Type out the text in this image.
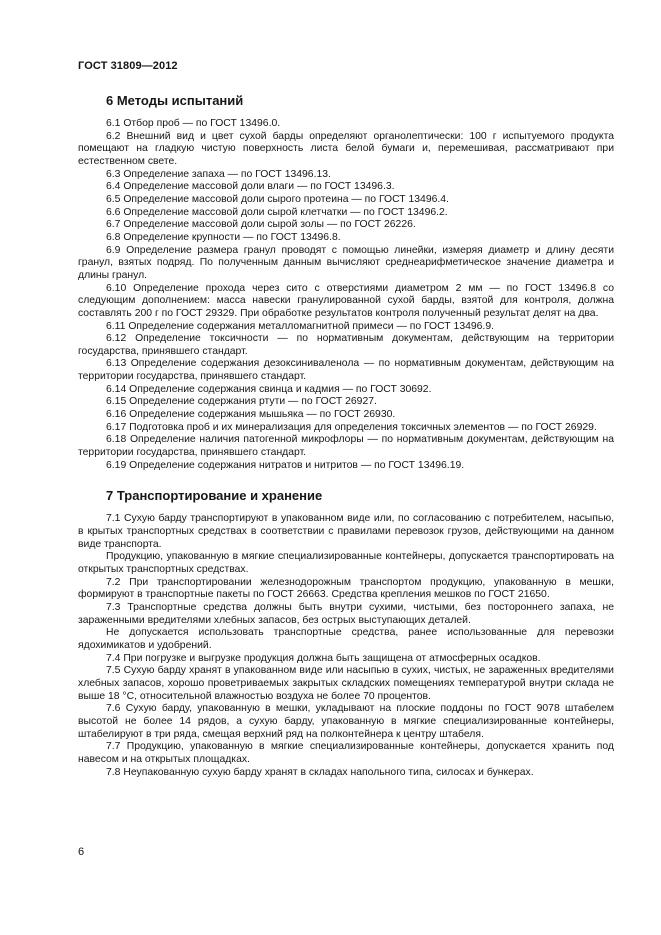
ГОСТ 31809—2012
6 Методы испытаний

6.1 Отбор проб — по ГОСТ 13496.0.

6.2 Внешний вид и цвет сухой барды определяют органолептически: 100 г испытуемого продукта помещают на гладкую чистую поверхность листа белой бумаги и, перемешивая, рассматривают при естественном свете.

6.3 Определение запаха — по ГОСТ 13496.13.

6.4 Определение массовой доли влаги — по ГОСТ 13496.3.

6.5 Определение массовой доли сырого протеина — по ГОСТ 13496.4.

6.6 Определение массовой доли сырой клетчатки — по ГОСТ 13496.2.

6.7 Определение массовой доли сырой золы — по ГОСТ 26226.

6.8 Определение крупности — по ГОСТ 13496.8.

6.9 Определение размера гранул проводят с помощью линейки, измеряя диаметр и длину десяти гранул, взятых подряд. По полученным данным вычисляют среднеарифметическое значение диаметра и длины гранул.

6.10 Определение прохода через сито с отверстиями диаметром 2 мм — по ГОСТ 13496.8 со следующим дополнением: масса навески гранулированной сухой барды, взятой для контроля, должна составлять 200 г по ГОСТ 29329. При обработке результатов контроля полученный результат делят на два.

6.11 Определение содержания металломагнитной примеси — по ГОСТ 13496.9.

6.12 Определение токсичности — по нормативным документам, действующим на территории государства, принявшего стандарт.

6.13 Определение содержания дезоксиниваленола — по нормативным документам, действующим на территории государства, принявшего стандарт.

6.14 Определение содержания свинца и кадмия — по ГОСТ 30692.

6.15 Определение содержания ртути — по ГОСТ 26927.

6.16 Определение содержания мышьяка — по ГОСТ 26930.

6.17 Подготовка проб и их минерализация для определения токсичных элементов — по ГОСТ 26929.

6.18 Определение наличия патогенной микрофлоры — по нормативным документам, действующим на территории государства, принявшего стандарт.

6.19 Определение содержания нитратов и нитритов — по ГОСТ 13496.19.

7 Транспортирование и хранение

7.1 Сухую барду транспортируют в упакованном виде или, по согласованию с потребителем, насыпью, в крытых транспортных средствах в соответствии с правилами перевозок грузов, действующими на данном виде транспорта.

Продукцию, упакованную в мягкие специализированные контейнеры, допускается транспортировать на открытых транспортных средствах.

7.2 При транспортировании железнодорожным транспортом продукцию, упакованную в мешки, формируют в транспортные пакеты по ГОСТ 26663. Средства крепления мешков по ГОСТ 21650.

7.3 Транспортные средства должны быть внутри сухими, чистыми, без постороннего запаха, не зараженными вредителями хлебных запасов, без острых выступающих деталей.

Не допускается использовать транспортные средства, ранее использованные для перевозки ядохимикатов и удобрений.

7.4 При погрузке и выгрузке продукция должна быть защищена от атмосферных осадков.

7.5 Сухую барду хранят в упакованном виде или насыпью в сухих, чистых, не зараженных вредителями хлебных запасов, хорошо проветриваемых закрытых складских помещениях температурой внутри склада не выше 18 °С, относительной влажностью воздуха не более 70 процентов.

7.6 Сухую барду, упакованную в мешки, укладывают на плоские поддоны по ГОСТ 9078 штабелем высотой не более 14 рядов, а сухую барду, упакованную в мягкие специализированные контейнеры, штабелируют в три ряда, смещая верхний ряд на полконтейнера к центру штабеля.

7.7 Продукцию, упакованную в мягкие специализированные контейнеры, допускается хранить под навесом и на открытых площадках.

7.8 Неупакованную сухую барду хранят в складах напольного типа, силосах и бункерах.

6
